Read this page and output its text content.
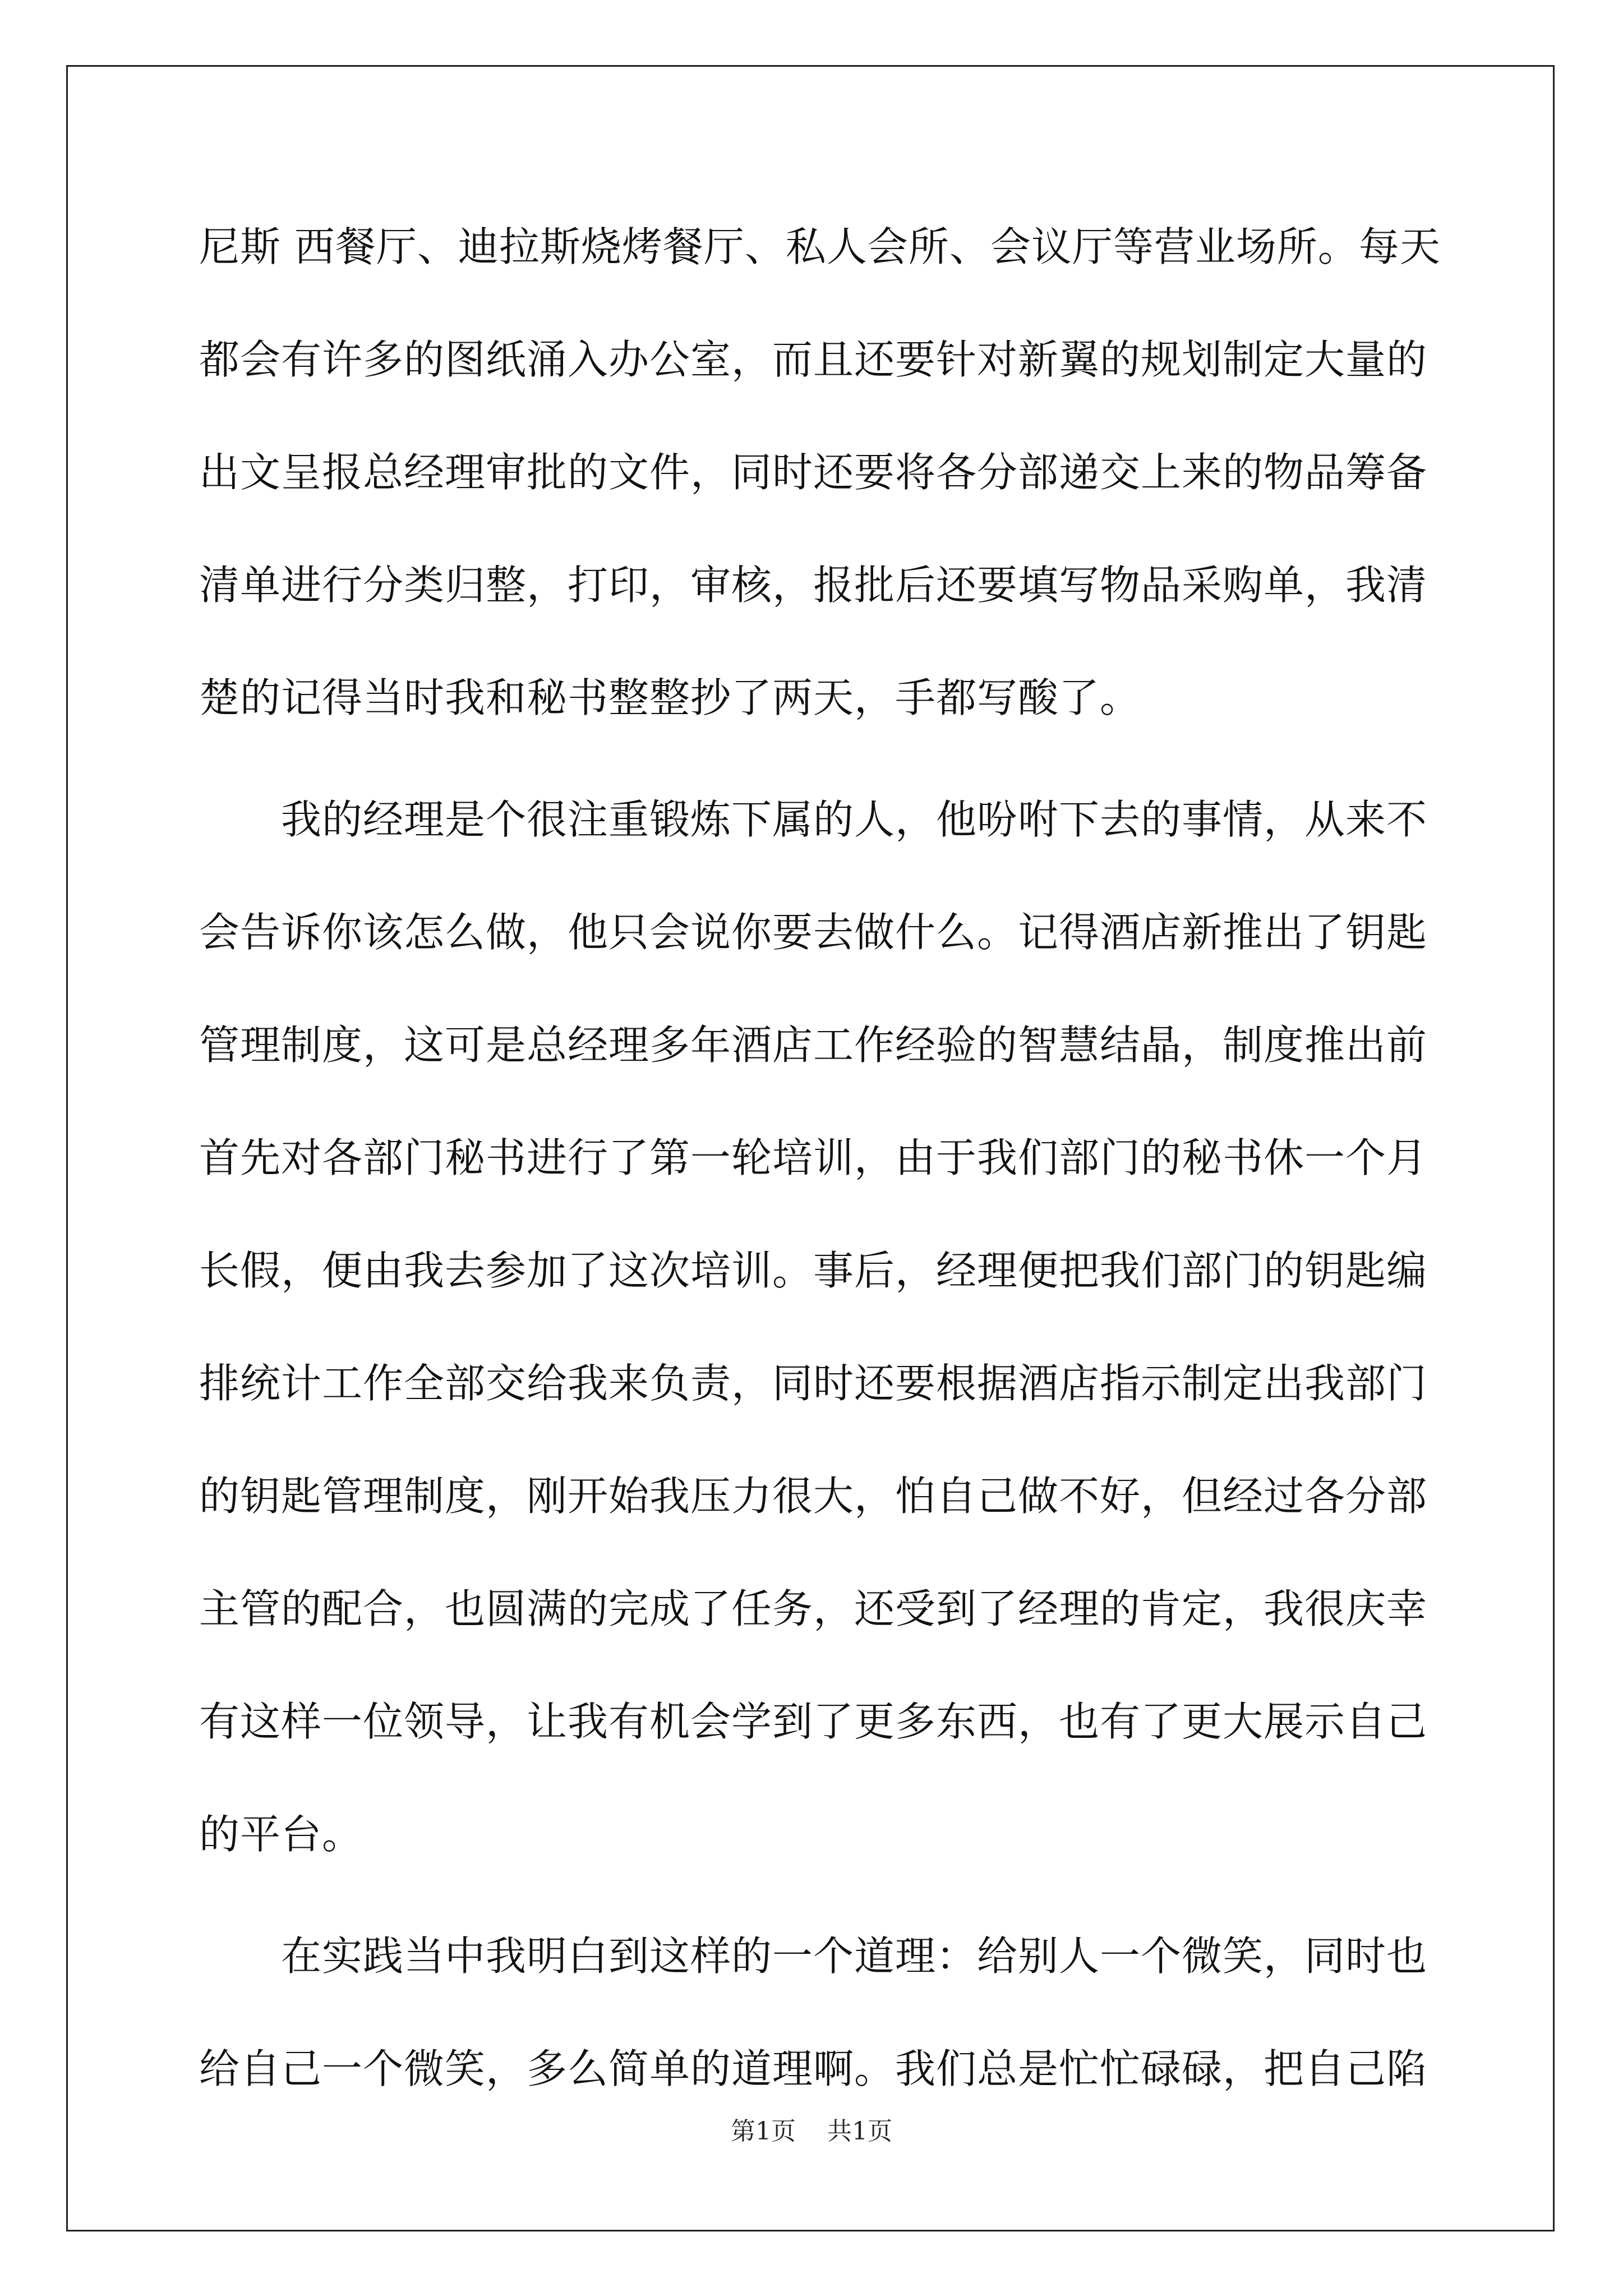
尼斯 西餐厅、迪拉斯烧烤餐厅、私人会所、会议厅等营业场所。每天
都会有许多的图纸涌入办公室，而且还要针对新翼的规划制定大量的
出文呈报总经理审批的文件，同时还要将各分部递交上来的物品筹备
清单进行分类归整，打印，审核，报批后还要填写物品采购单，我清
楚的记得当时我和秘书整整抄了两天，手都写酸了。
　　我的经理是个很注重锻炼下属的人，他吩咐下去的事情，从来不
会告诉你该怎么做，他只会说你要去做什么。记得酒店新推出了钥匙
管理制度，这可是总经理多年酒店工作经验的智慧结晶，制度推出前
首先对各部门秘书进行了第一轮培训，由于我们部门的秘书休一个月
长假，便由我去参加了这次培训。事后，经理便把我们部门的钥匙编
排统计工作全部交给我来负责，同时还要根据酒店指示制定出我部门
的钥匙管理制度，刚开始我压力很大，怕自己做不好，但经过各分部
主管的配合，也圆满的完成了任务，还受到了经理的肯定，我很庆幸
有这样一位领导，让我有机会学到了更多东西，也有了更大展示自己
的平台。
　　在实践当中我明白到这样的一个道理：给别人一个微笑，同时也
给自己一个微笑，多么简单的道理啊。我们总是忙忙碌碌，把自己陷
第1页 共1页
